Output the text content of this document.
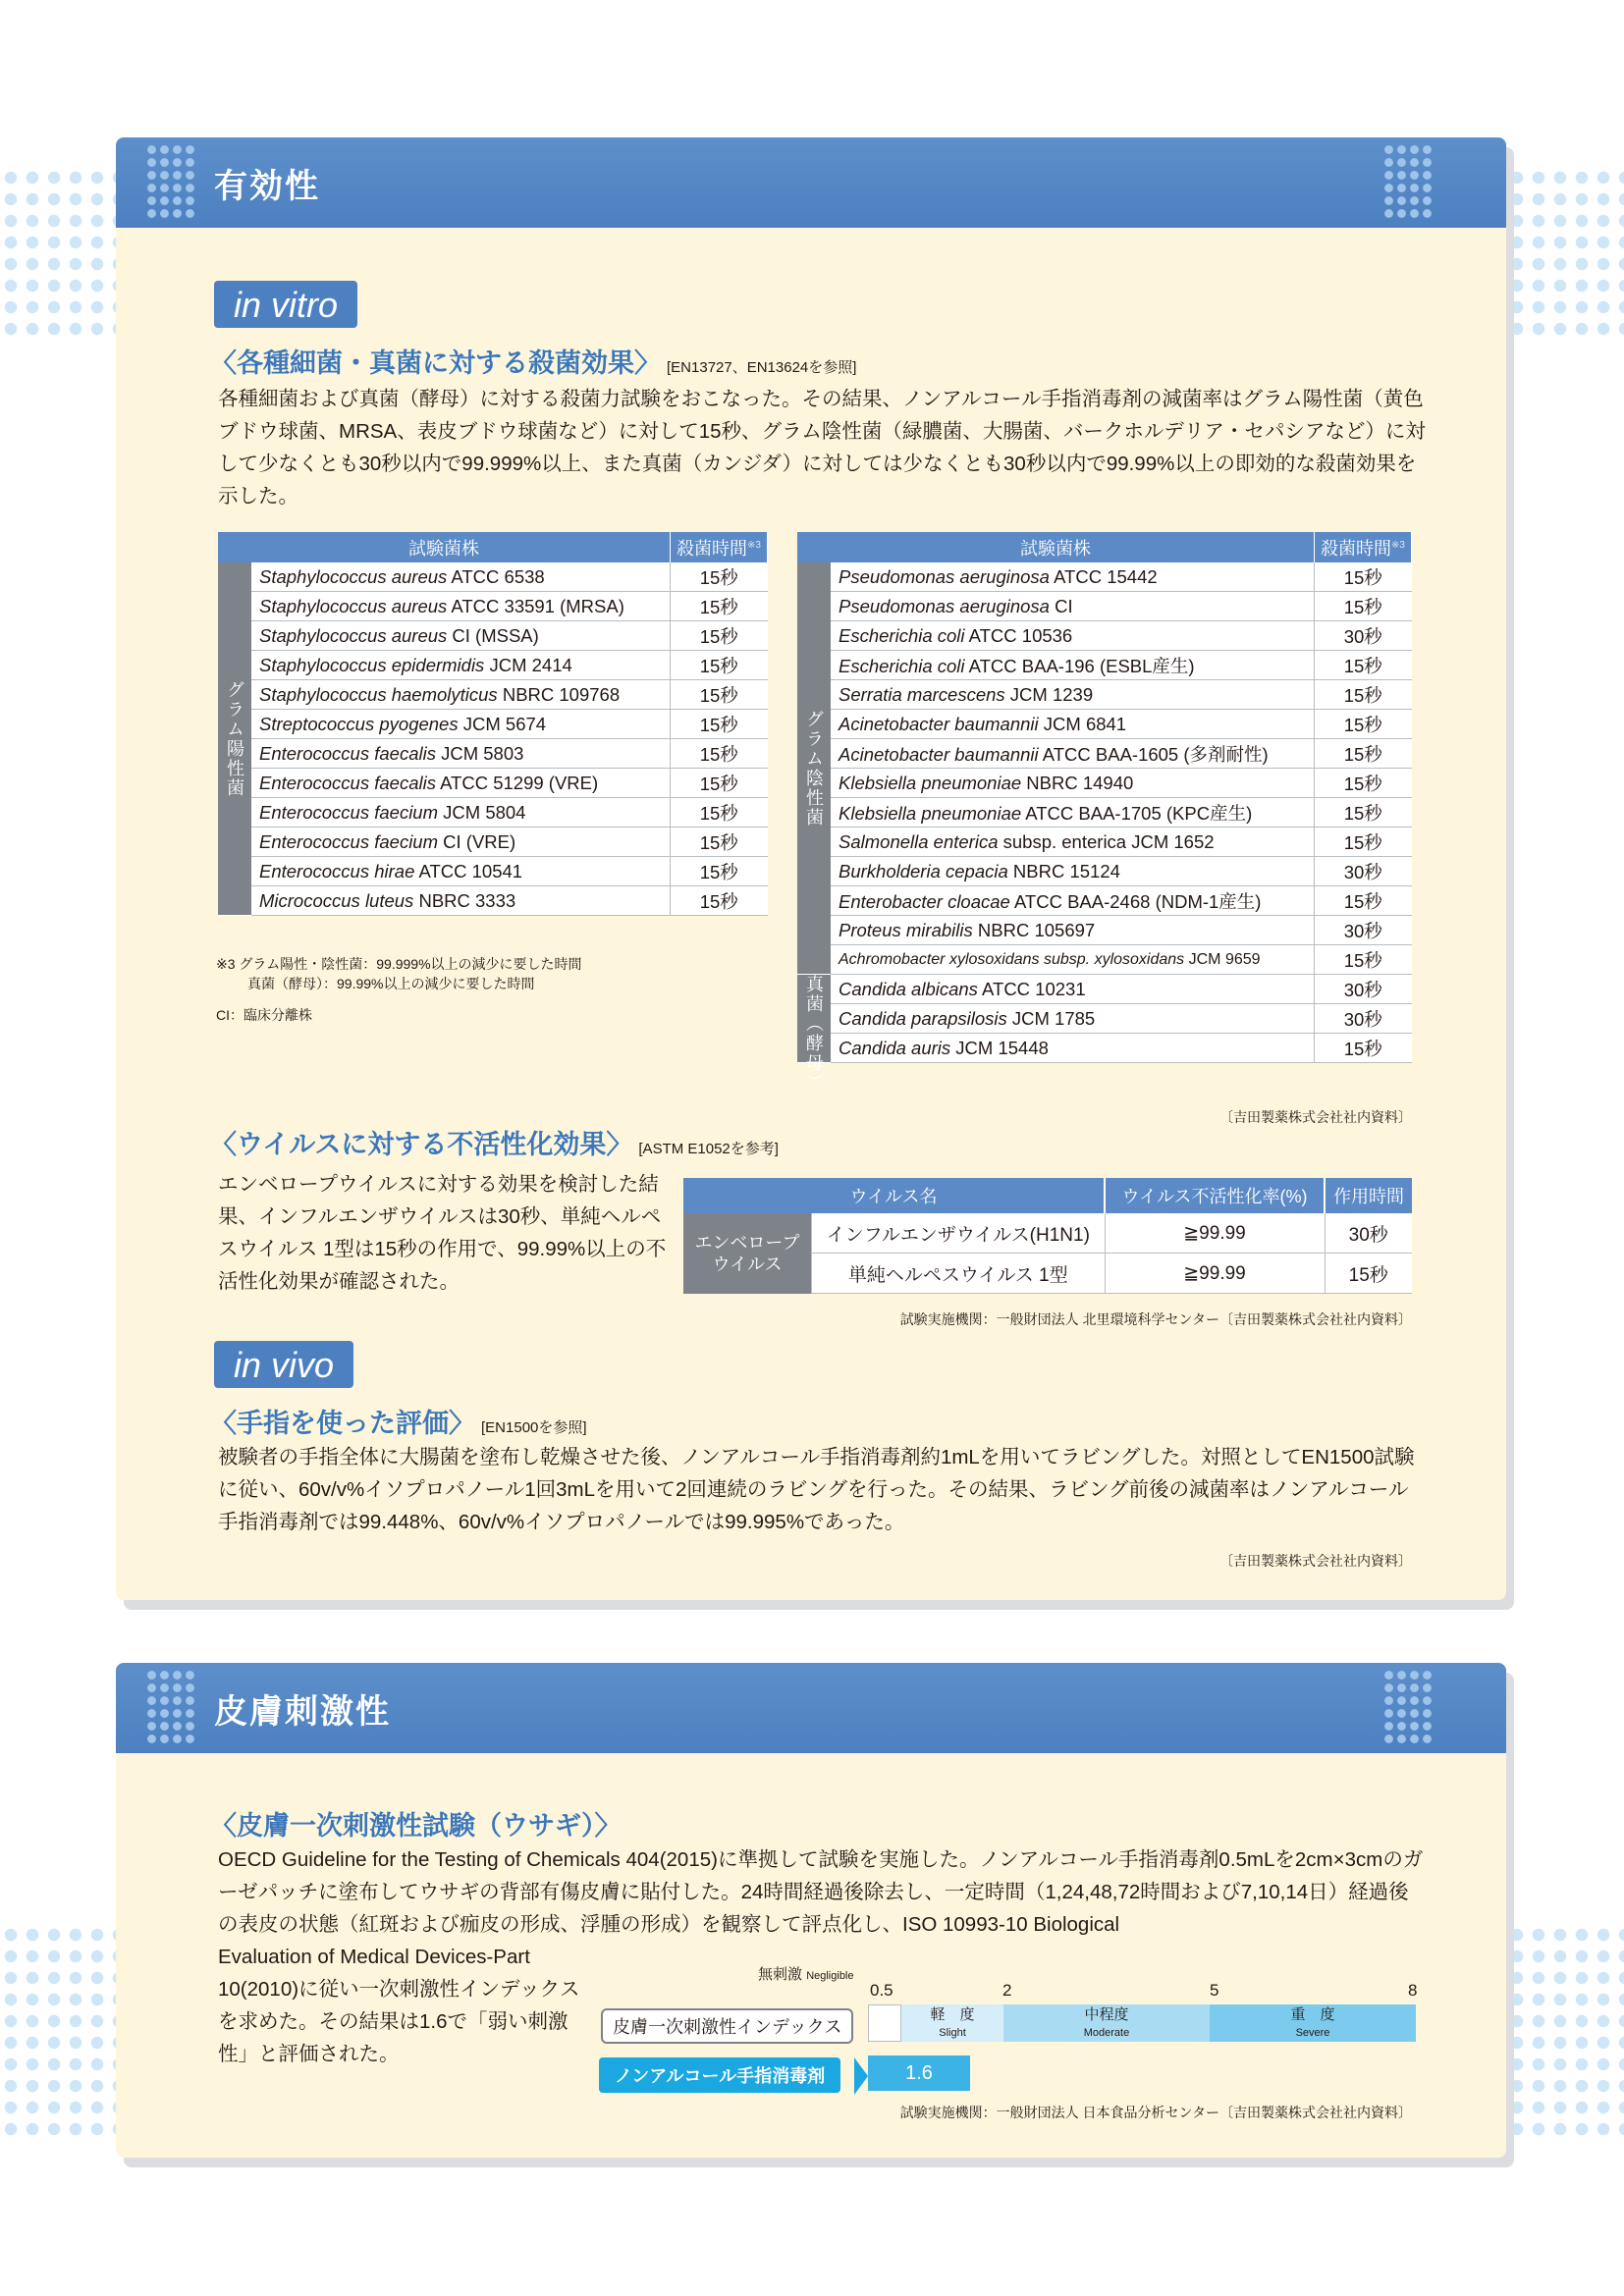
有効性
in vitro
〈各種細菌・真菌に対する殺菌効果〉 [EN13727、EN13624を参照]
各種細菌および真菌（酵母）に対する殺菌力試験をおこなった。その結果、ノンアルコール手指消毒剤の減菌率はグラム陽性菌（黄色ブドウ球菌、MRSA、表皮ブドウ球菌など）に対して15秒、グラム陰性菌（緑膿菌、大腸菌、バークホルデリア・セパシアなど）に対して少なくとも30秒以内で99.999%以上、また真菌（カンジダ）に対しては少なくとも30秒以内で99.99%以上の即効的な殺菌効果を示した。
試験菌株		殺菌時間$^{※3}$
グラム陽性菌	Staphylococcus aureus ATCC 6538	15秒
	Staphylococcus aureus ATCC 33591 (MRSA)	15秒
	Staphylococcus aureus CI (MSSA)	15秒
	Staphylococcus epidermidis JCM 2414	15秒
	Staphylococcus haemolyticus NBRC 109768	15秒
	Streptococcus pyogenes JCM 5674	15秒
	Enterococcus faecalis JCM 5803	15秒
	Enterococcus faecalis ATCC 51299 (VRE)	15秒
	Enterococcus faecium JCM 5804	15秒
	Enterococcus faecium CI (VRE)	15秒
	Enterococcus hirae ATCC 10541	15秒
	Micrococcus luteus NBRC 3333	15秒
試験菌株		殺菌時間$^{※3}$
グラム陰性菌	Pseudomonas aeruginosa ATCC 15442	15秒
	Pseudomonas aeruginosa CI	15秒
	Escherichia coli ATCC 10536	30秒
	Escherichia coli ATCC BAA-196 (ESBL産生)	15秒
	Serratia marcescens JCM 1239	15秒
	Acinetobacter baumannii JCM 6841	15秒
	Acinetobacter baumannii ATCC BAA-1605 (多剤耐性)	15秒
	Klebsiella pneumoniae NBRC 14940	15秒
	Klebsiella pneumoniae ATCC BAA-1705 (KPC産生)	15秒
	Salmonella enterica subsp. enterica JCM 1652	15秒
	Burkholderia cepacia NBRC 15124	30秒
	Enterobacter cloacae ATCC BAA-2468 (NDM-1産生)	15秒
	Proteus mirabilis NBRC 105697	30秒
	Achromobacter xylosoxidans subsp. xylosoxidans JCM 9659	15秒
真菌（酵母）	Candida albicans ATCC 10231	30秒
	Candida parapsilosis JCM 1785	30秒
	Candida auris JCM 15448	15秒
※3 グラム陽性・陰性菌：99.999%以上の減少に要した時間
真菌（酵母）：99.99%以上の減少に要した時間
CI：臨床分離株
〔吉田製薬株式会社社内資料〕
〈ウイルスに対する不活性化効果〉 [ASTM E1052を参考]
エンベロープウイルスに対する効果を検討した結果、インフルエンザウイルスは30秒、単純ヘルペスウイルス 1型は15秒の作用で、99.99%以上の不活性化効果が確認された。
ウイルス名		ウイルス不活性化率(%)	作用時間
エンベロープ ウイルス	インフルエンザウイルス(H1N1)	≧99.99	30秒
	単純ヘルペスウイルス 1型	≧99.99	15秒
試験実施機関：一般財団法人 北里環境科学センター〔吉田製薬株式会社社内資料〕
in vivo
〈手指を使った評価〉 [EN1500を参照]
被験者の手指全体に大腸菌を塗布し乾燥させた後、ノンアルコール手指消毒剤約1mLを用いてラビングした。対照としてEN1500試験に従い、60v/v%イソプロパノール1回3mLを用いて2回連続のラビングを行った。その結果、ラビング前後の減菌率はノンアルコール手指消毒剤では99.448%、60v/v%イソプロパノールでは99.995%であった。
〔吉田製薬株式会社社内資料〕
皮膚刺激性
〈皮膚一次刺激性試験（ウサギ）〉
OECD Guideline for the Testing of Chemicals 404(2015)に準拠して試験を実施した。ノンアルコール手指消毒剤0.5mLを2cm×3cmのガーゼパッチに塗布してウサギの背部有傷皮膚に貼付した。24時間経過後除去し、一定時間（1,24,48,72時間および7,10,14日）経過後の表皮の状態（紅斑および痂皮の形成、浮腫の形成）を観察して評点化し、ISO 10993-10 Biological
Evaluation of Medical Devices-Part 10(2010)に従い一次刺激性インデックスを求めた。その結果は1.6で「弱い刺激性」と評価された。
無刺激 Negligible
0.5	2	5	8
皮膚一次刺激性インデックス
軽　度
Slight
中程度
Moderate
重　度
Severe
ノンアルコール手指消毒剤	1.6
試験実施機関：一般財団法人 日本食品分析センター〔吉田製薬株式会社社内資料〕
